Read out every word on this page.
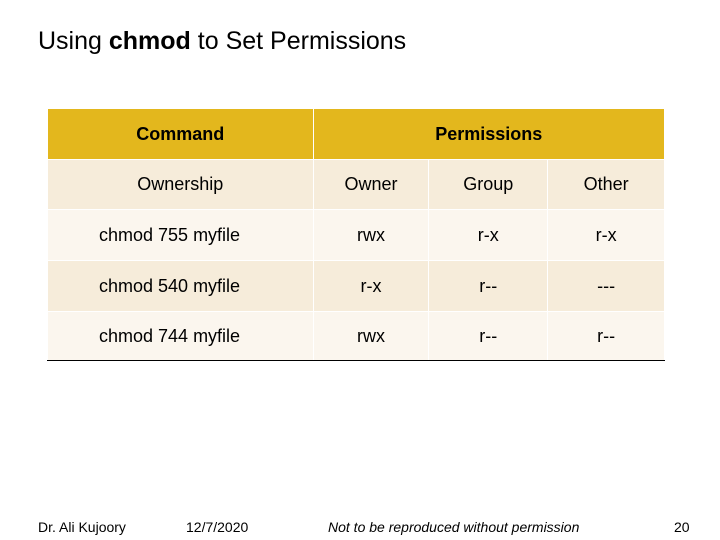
Using chmod to Set Permissions
Command	Permissions		
Ownership	Owner	Group	Other
chmod 755 myfile	rwx	r-x	r-x
chmod 540 myfile	r-x	r--	---
chmod 744 myfile	rwx	r--	r--
Dr. Ali Kujoory	12/7/2020	Not to be reproduced without permission	20
